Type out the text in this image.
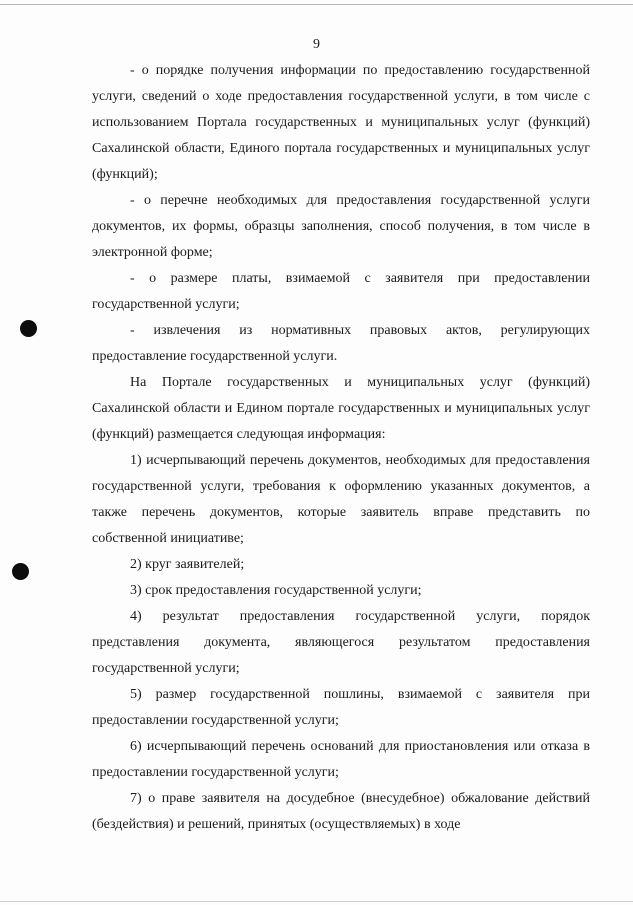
9

- о порядке получения информации по предоставлению государственной услуги, сведений о ходе предоставления государственной услуги, в том числе с использованием Портала государственных и муниципальных услуг (функций) Сахалинской области, Единого портала государственных и муниципальных услуг (функций);

- о перечне необходимых для предоставления государственной услуги документов, их формы, образцы заполнения, способ получения, в том числе в электронной форме;

- о размере платы, взимаемой с заявителя при предоставлении государственной услуги;

- извлечения из нормативных правовых актов, регулирующих предоставление государственной услуги.

На Портале государственных и муниципальных услуг (функций) Сахалинской области и Едином портале государственных и муниципальных услуг (функций) размещается следующая информация:

1) исчерпывающий перечень документов, необходимых для предоставления государственной услуги, требования к оформлению указанных документов, а также перечень документов, которые заявитель вправе представить по собственной инициативе;

2) круг заявителей;

3) срок предоставления государственной услуги;

4) результат предоставления государственной услуги, порядок представления документа, являющегося результатом предоставления государственной услуги;

5) размер государственной пошлины, взимаемой с заявителя при предоставлении государственной услуги;

6) исчерпывающий перечень оснований для приостановления или отказа в предоставлении государственной услуги;

7) о праве заявителя на досудебное (внесудебное) обжалование действий (бездействия) и решений, принятых (осуществляемых) в ходе
